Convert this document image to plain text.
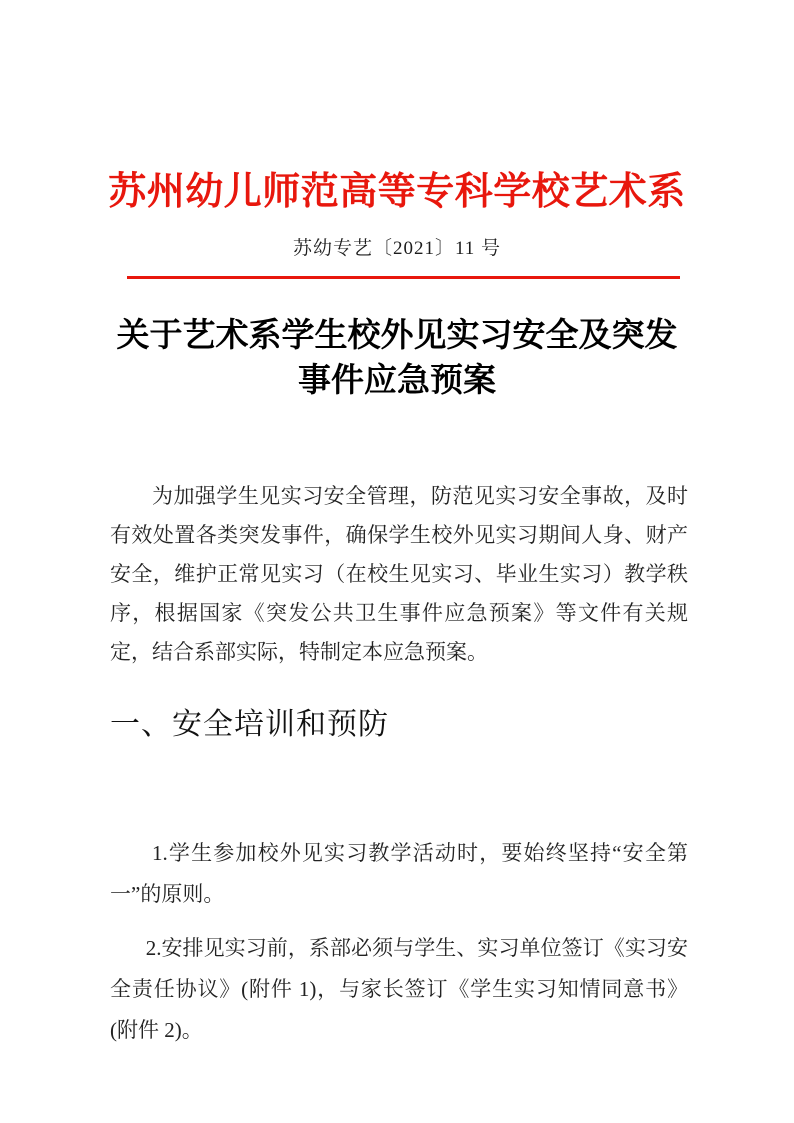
苏州幼儿师范高等专科学校艺术系
苏幼专艺〔2021〕11 号
关于艺术系学生校外见实习安全及突发
事件应急预案

为加强学生见实习安全管理，防范见实习安全事故，及时有效处置各类突发事件，确保学生校外见实习期间人身、财产安全，维护正常见实习（在校生见实习、毕业生实习）教学秩序，根据国家《突发公共卫生事件应急预案》等文件有关规定，结合系部实际，特制定本应急预案。

一、安全培训和预防

1.学生参加校外见实习教学活动时，要始终坚持“安全第一”的原则。

2.安排见实习前，系部必须与学生、实习单位签订《实习安全责任协议》(附件 1)，与家长签订《学生实习知情同意书》(附件 2)。
